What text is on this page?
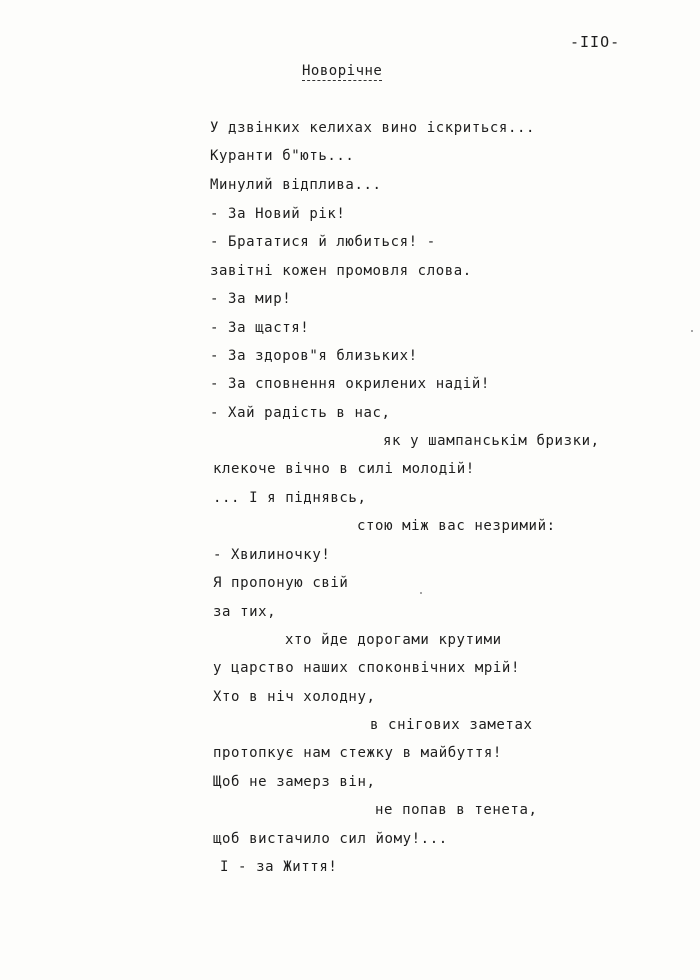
-IIO-
Новорічне
У дзвінких келихах вино іскриться...
Куранти б"ють...
Минулий відплива...
- За Новий рік!
- Брататися й любиться! -
завітні кожен промовля слова.
- За мир!
- За щастя!
- За здоров"я близьких!
- За сповнення окрилених надій!
- Хай радість в нас,
як у шампанськім бризки,
клекоче вічно в силі молодій!
... І я піднявсь,
стою між вас незримий:
- Хвилиночку!
Я пропоную свій
за тих,
хто йде дорогами крутими
у царство наших споконвічних мрій!
Хто в ніч холодну,
в снігових заметах
протопкує нам стежку в майбуття!
Щоб не замерз він,
не попав в тенета,
щоб вистачило сил йому!...
І - за Життя!
